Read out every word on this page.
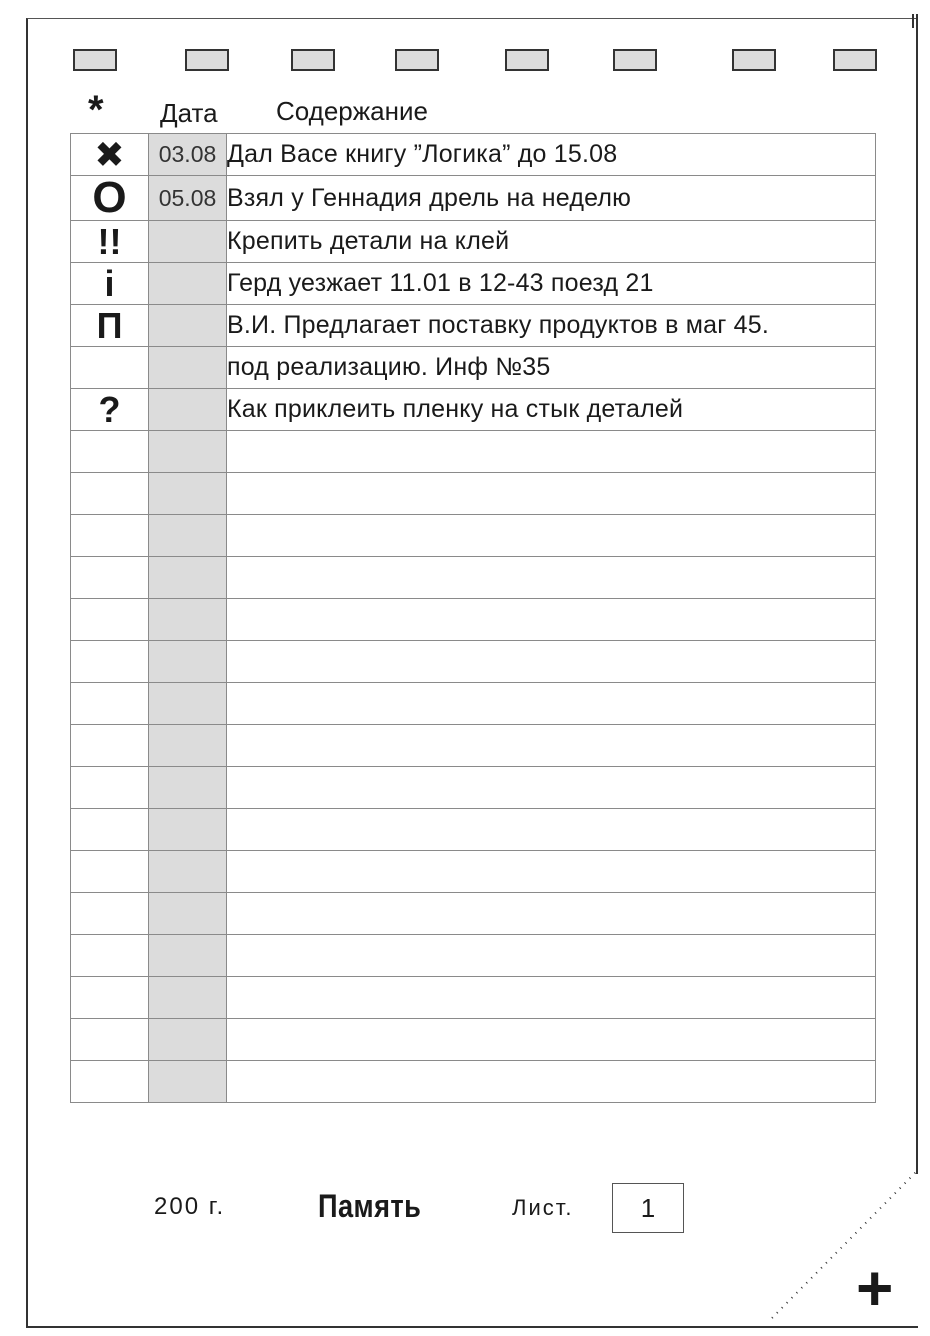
* Дата Содержание
✖	03.08	Дал Васе книгу ”Логика” до 15.08
O	05.08	Взял у Геннадия дрель на неделю
!!		Крепить детали на клей
i		Герд уезжает 11.01 в 12-43 поезд 21
П		В.И. Предлагает поставку продуктов в маг 45.
		под реализацию. Инф №35
?		Как приклеить пленку на стык деталей

200 г.	Память	Лист.	1
+
